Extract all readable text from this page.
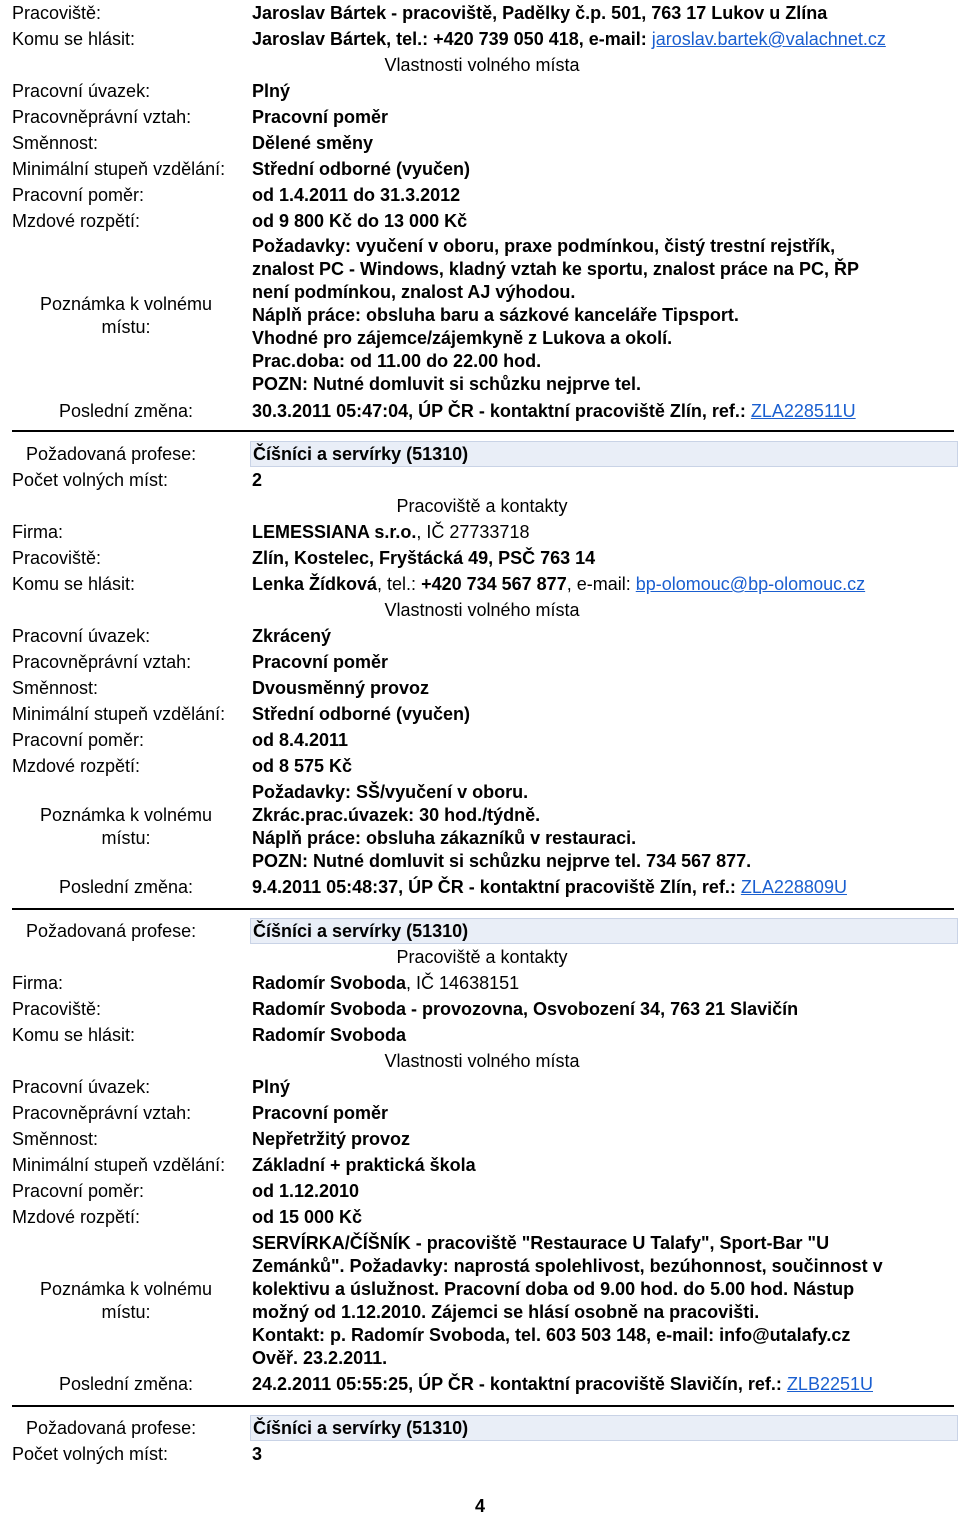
Pracoviště:	Jaroslav Bártek - pracoviště, Padělky č.p. 501, 763 17 Lukov u Zlína
Komu se hlásit:	Jaroslav Bártek, tel.: +420 739 050 418, e-mail: jaroslav.bartek@valachnet.cz
Vlastnosti volného místa
Pracovní úvazek:	Plný
Pracovněprávní vztah:	Pracovní poměr
Směnnost:	Dělené směny
Minimální stupeň vzdělání: Střední odborné (vyučen)
Pracovní poměr:	od 1.4.2011 do 31.3.2012
Mzdové rozpětí:	od 9 800 Kč do 13 000 Kč
Poznámka k volnému
místu:
Požadavky: vyučení v oboru, praxe podmínkou, čistý trestní rejstřík,
znalost PC - Windows, kladný vztah ke sportu, znalost práce na PC, ŘP
není podmínkou, znalost AJ výhodou.
Náplň práce: obsluha baru a sázkové kanceláře Tipsport.
Vhodné pro zájemce/zájemkyně z Lukova a okolí.
Prac.doba: od 11.00 do 22.00 hod.
POZN: Nutné domluvit si schůzku nejprve tel.
Poslední změna:	30.3.2011 05:47:04, ÚP ČR - kontaktní pracoviště Zlín, ref.: ZLA228511U
Požadovaná profese:	Číšníci a servírky (51310)
Počet volných míst:	2
Pracoviště a kontakty
Firma:	LEMESSIANA s.r.o., IČ 27733718
Pracoviště:	Zlín, Kostelec, Fryštácká 49, PSČ 763 14
Komu se hlásit:	Lenka Žídková, tel.: +420 734 567 877, e-mail: bp-olomouc@bp-olomouc.cz
Vlastnosti volného místa
Pracovní úvazek:	Zkrácený
Pracovněprávní vztah:	Pracovní poměr
Směnnost:	Dvousměnný provoz
Minimální stupeň vzdělání: Střední odborné (vyučen)
Pracovní poměr:	od 8.4.2011
Mzdové rozpětí:	od 8 575 Kč
Poznámka k volnému
místu:
Požadavky: SŠ/vyučení v oboru.
Zkrác.prac.úvazek: 30 hod./týdně.
Náplň práce: obsluha zákazníků v restauraci.
POZN: Nutné domluvit si schůzku nejprve tel. 734 567 877.
Poslední změna:	9.4.2011 05:48:37, ÚP ČR - kontaktní pracoviště Zlín, ref.: ZLA228809U
Požadovaná profese:	Číšníci a servírky (51310)
Pracoviště a kontakty
Firma:	Radomír Svoboda, IČ 14638151
Pracoviště:	Radomír Svoboda - provozovna, Osvobození 34, 763 21 Slavičín
Komu se hlásit:	Radomír Svoboda
Vlastnosti volného místa
Pracovní úvazek:	Plný
Pracovněprávní vztah:	Pracovní poměr
Směnnost:	Nepřetržitý provoz
Minimální stupeň vzdělání: Základní + praktická škola
Pracovní poměr:	od 1.12.2010
Mzdové rozpětí:	od 15 000 Kč
Poznámka k volnému
místu:
SERVÍRKA/ČÍŠNÍK - pracoviště "Restaurace U Talafy", Sport-Bar "U
Zemánků". Požadavky: naprostá spolehlivost, bezúhonnost, součinnost v
kolektivu a úslužnost. Pracovní doba od 9.00 hod. do 5.00 hod. Nástup
možný od 1.12.2010. Zájemci se hlásí osobně na pracovišti.
Kontakt: p. Radomír Svoboda, tel. 603 503 148, e-mail: info@utalafy.cz
Ověř. 23.2.2011.
Poslední změna:	24.2.2011 05:55:25, ÚP ČR - kontaktní pracoviště Slavičín, ref.: ZLB2251U
Požadovaná profese:	Číšníci a servírky (51310)
Počet volných míst:	3
4
